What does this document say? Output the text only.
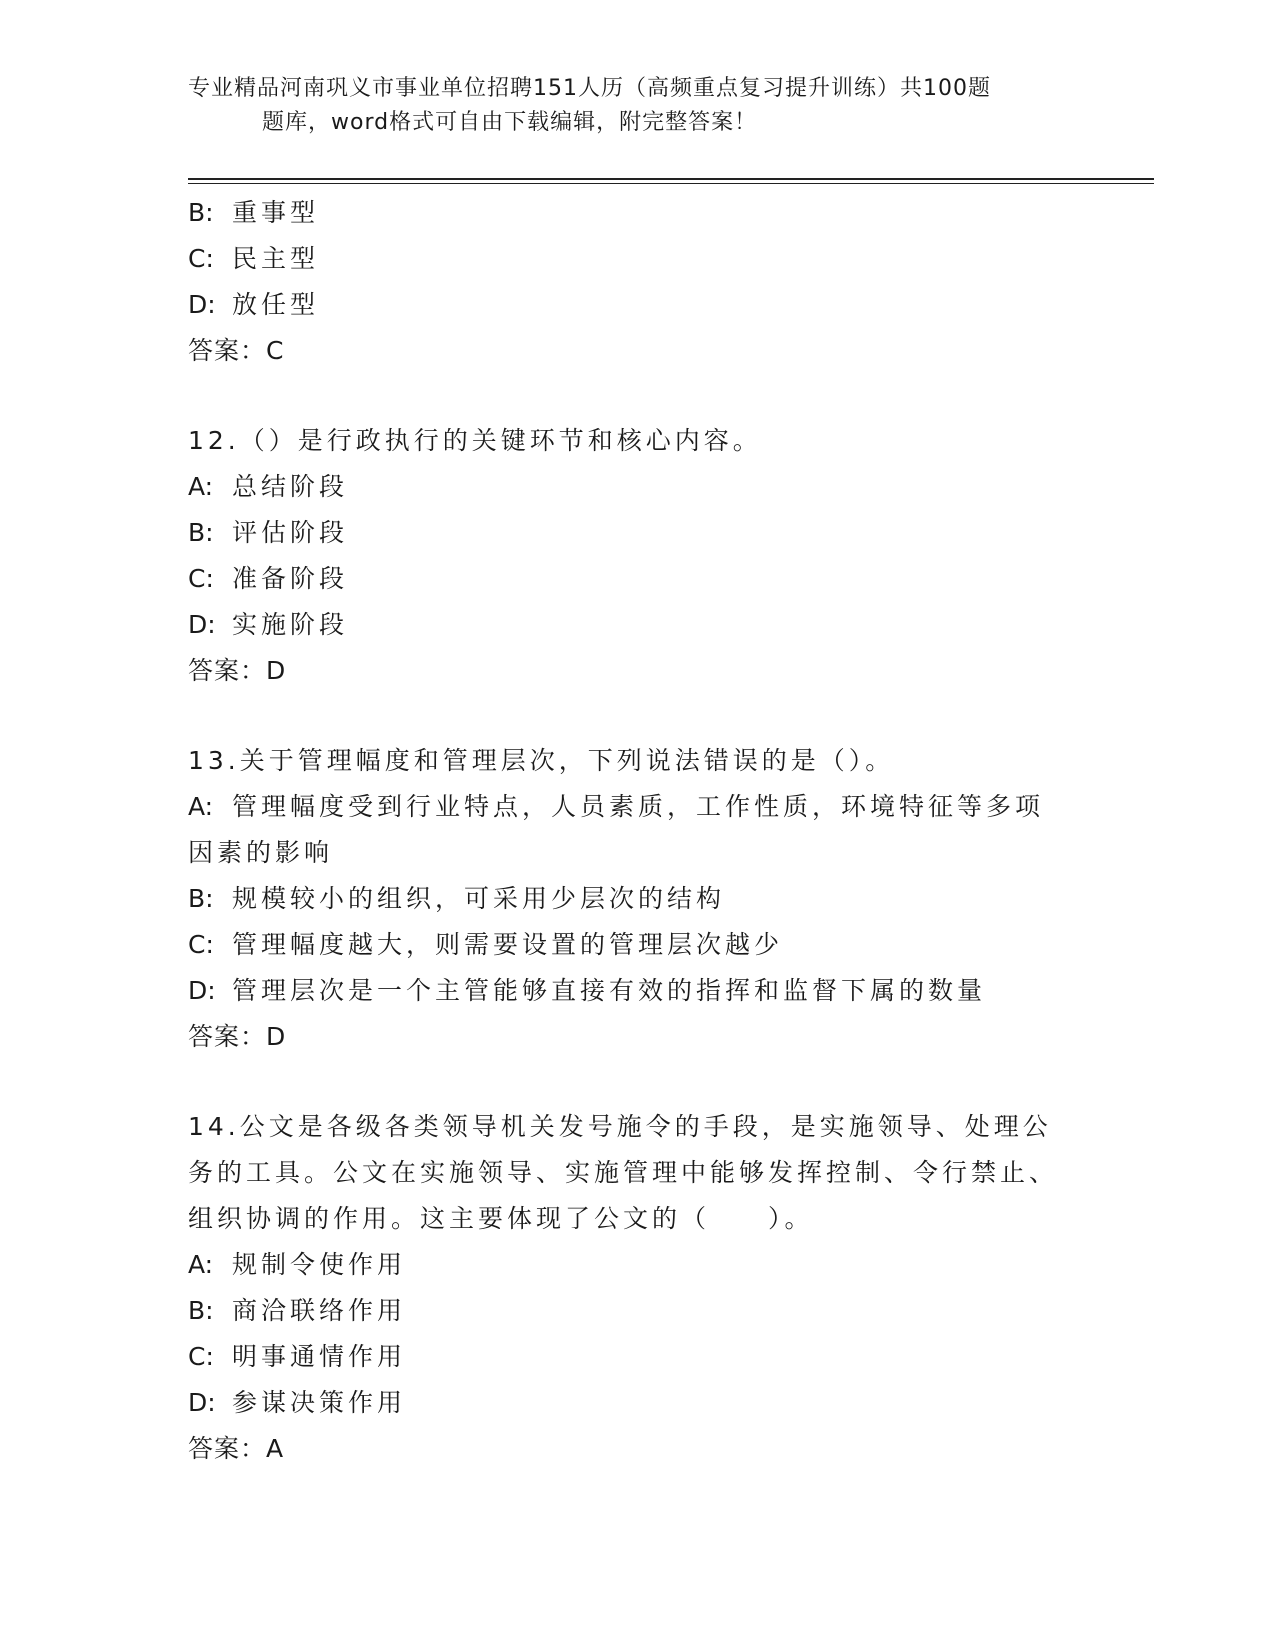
专业精品河南巩义市事业单位招聘151人历（高频重点复习提升训练）共100题
题库，word格式可自由下载编辑，附完整答案！
B: 重事型
C: 民主型
D: 放任型
答案：C
12.（）是行政执行的关键环节和核心内容。
A: 总结阶段
B: 评估阶段
C: 准备阶段
D: 实施阶段
答案：D
13.关于管理幅度和管理层次，下列说法错误的是（）。
A: 管理幅度受到行业特点，人员素质，工作性质，环境特征等多项因素的影响
B: 规模较小的组织，可采用少层次的结构
C: 管理幅度越大，则需要设置的管理层次越少
D: 管理层次是一个主管能够直接有效的指挥和监督下属的数量
答案：D
14.公文是各级各类领导机关发号施令的手段，是实施领导、处理公务的工具。公文在实施领导、实施管理中能够发挥控制、令行禁止、组织协调的作用。这主要体现了公文的（　　）。
A: 规制令使作用
B: 商洽联络作用
C: 明事通情作用
D: 参谋决策作用
答案：A
